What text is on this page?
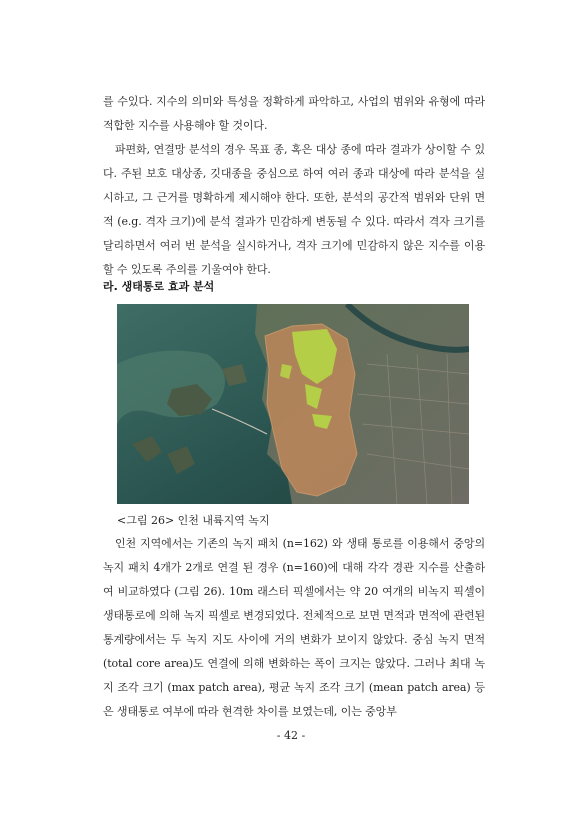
를 수있다. 지수의 의미와 특성을 정확하게 파악하고, 사업의 범위와 유형에 따라 적합한 지수를 사용해야 할 것이다.

파편화, 연결망 분석의 경우 목표 종, 혹은 대상 종에 따라 결과가 상이할 수 있다. 주된 보호 대상종, 깃대종을 중심으로 하여 여러 종과 대상에 따라 분석을 실시하고, 그 근거를 명확하게 제시해야 한다. 또한, 분석의 공간적 범위와 단위 면적 (e.g. 격자 크기)에 분석 결과가 민감하게 변동될 수 있다. 따라서 격자 크기를 달리하면서 여러 번 분석을 실시하거나, 격자 크기에 민감하지 않은 지수를 이용 할 수 있도록 주의를 기울여야 한다.

라. 생태통로 효과 분석
<그림 26> 인천 내륙지역 녹지

인천 지역에서는 기존의 녹지 패치 (n=162) 와 생태 통로를 이용해서 중앙의 녹지 패치 4개가 2개로 연결 된 경우 (n=160)에 대해 각각 경관 지수를 산출하여 비교하였다 (그림 26). 10m 래스터 픽셀에서는 약 20 여개의 비녹지 픽셀이 생태통로에 의해 녹지 픽셀로 변경되었다. 전체적으로 보면 면적과 면적에 관련된 통계량에서는 두 녹지 지도 사이에 거의 변화가 보이지 않았다. 중심 녹지 면적(total core area)도 연결에 의해 변화하는 폭이 크지는 않았다. 그러나 최대 녹지 조각 크기 (max patch area), 평균 녹지 조각 크기 (mean patch area) 등은 생태통로 여부에 따라 현격한 차이를 보였는데, 이는 중앙부

- 42 -
